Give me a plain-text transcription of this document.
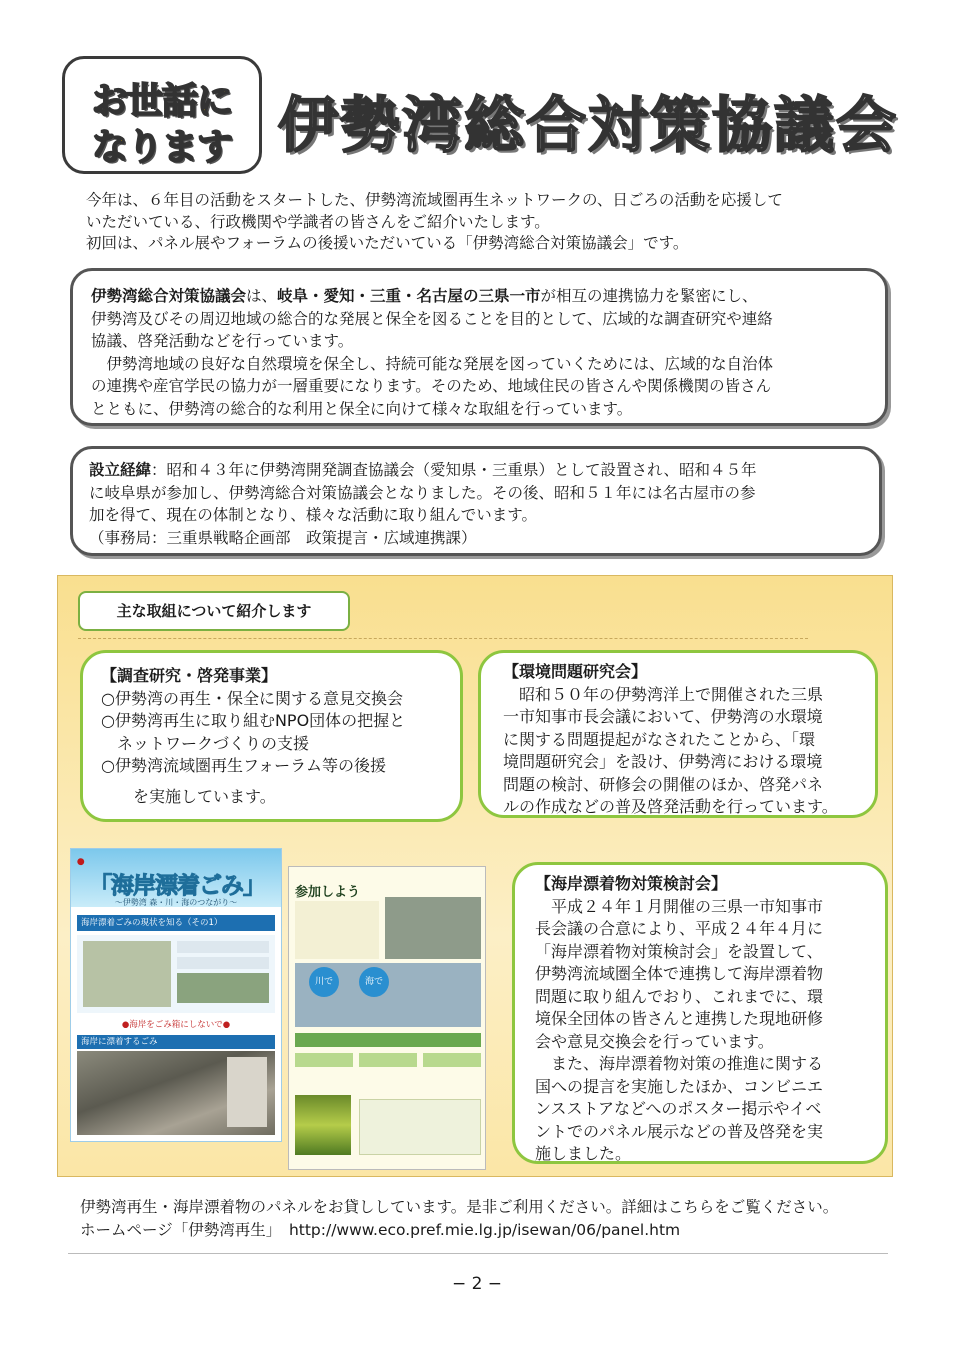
お世話に
なります 伊勢湾総合対策協議会

今年は、６年目の活動をスタートした、伊勢湾流域圏再生ネットワークの、日ごろの活動を応援して

いただいている、行政機関や学識者の皆さんをご紹介いたします。

初回は、パネル展やフォーラムの後援いただいている「伊勢湾総合対策協議会」です。

伊勢湾総合対策協議会は、岐阜・愛知・三重・名古屋の三県一市が相互の連携協力を緊密にし、

伊勢湾及びその周辺地域の総合的な発展と保全を図ることを目的として、広域的な調査研究や連絡

協議、啓発活動などを行っています。

　伊勢湾地域の良好な自然環境を保全し、持続可能な発展を図っていくためには、広域的な自治体

の連携や産官学民の協力が一層重要になります。そのため、地域住民の皆さんや関係機関の皆さん

とともに、伊勢湾の総合的な利用と保全に向けて様々な取組を行っています。

設立経緯：昭和４３年に伊勢湾開発調査協議会（愛知県・三重県）として設置され、昭和４５年

に岐阜県が参加し、伊勢湾総合対策協議会となりました。その後、昭和５１年には名古屋市の参

加を得て、現在の体制となり、様々な活動に取り組んでいます。

（事務局：三重県戦略企画部　政策提言・広域連携課）

主な取組について紹介します

【調査研究・啓発事業】

○伊勢湾の再生・保全に関する意見交換会

○伊勢湾再生に取り組むNPO団体の把握と

　ネットワークづくりの支援

○伊勢湾流域圏再生フォーラム等の後援

　　を実施しています。

【環境問題研究会】

　昭和５０年の伊勢湾洋上で開催された三県

一市知事市長会議において、伊勢湾の水環境

に関する問題提起がなされたことから、「環

境問題研究会」を設け、伊勢湾における環境

問題の検討、研修会の開催のほか、啓発パネ

ルの作成などの普及啓発活動を行っています。

●
「海岸漂着ごみ」
〜伊勢湾 森・川・海のつながり〜
海岸漂着ごみの現状を知る（その1）
●海岸をごみ箱にしないで●
海岸に漂着するごみ
参加しよう
川で	海で

【海岸漂着物対策検討会】

　平成２４年１月開催の三県一市知事市

長会議の合意により、平成２４年４月に

「海岸漂着物対策検討会」を設置して、

伊勢湾流域圏全体で連携して海岸漂着物

問題に取り組んでおり、これまでに、環

境保全団体の皆さんと連携した現地研修

会や意見交換会を行っています。

　また、海岸漂着物対策の推進に関する

国への提言を実施したほか、コンビニエ

ンスストアなどへのポスター掲示やイベ

ントでのパネル展示などの普及啓発を実

施しました。

伊勢湾再生・海岸漂着物のパネルをお貸ししています。是非ご利用ください。詳細はこちらをご覧ください。

ホームページ「伊勢湾再生」　http://www.eco.pref.mie.lg.jp/isewan/06/panel.htm

− 2 −
